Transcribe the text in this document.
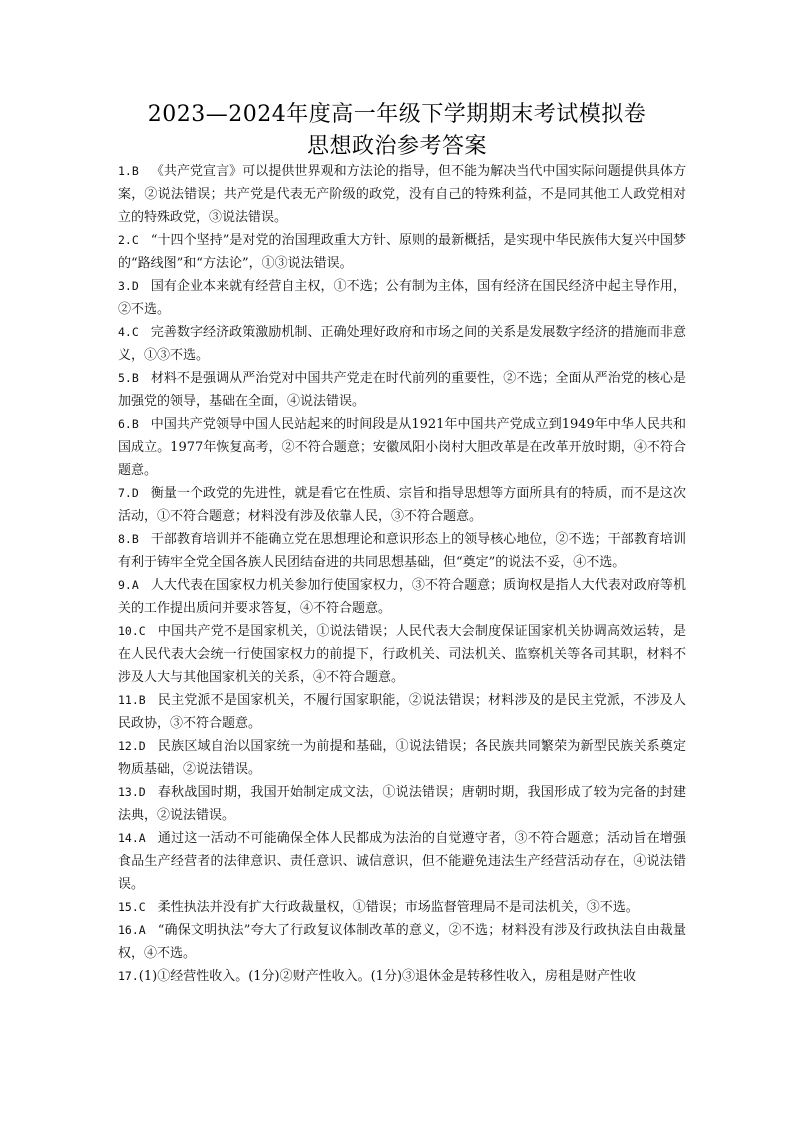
2023—2024年度高一年级下学期期末考试模拟卷
思想政治参考答案

1.B 《共产党宣言》可以提供世界观和方法论的指导，但不能为解决当代中国实际问题提供具体方案，②说法错误；共产党是代表无产阶级的政党，没有自己的特殊利益，不是同其他工人政党相对立的特殊政党，③说法错误。

2.C “十四个坚持”是对党的治国理政重大方针、原则的最新概括，是实现中华民族伟大复兴中国梦的“路线图”和“方法论”，①③说法错误。

3.D 国有企业本来就有经营自主权，①不选；公有制为主体，国有经济在国民经济中起主导作用，②不选。

4.C 完善数字经济政策激励机制、正确处理好政府和市场之间的关系是发展数字经济的措施而非意义，①③不选。

5.B 材料不是强调从严治党对中国共产党走在时代前列的重要性，②不选；全面从严治党的核心是加强党的领导，基础在全面，④说法错误。

6.B 中国共产党领导中国人民站起来的时间段是从1921年中国共产党成立到1949年中华人民共和国成立。1977年恢复高考，②不符合题意；安徽凤阳小岗村大胆改革是在改革开放时期，④不符合题意。

7.D 衡量一个政党的先进性，就是看它在性质、宗旨和指导思想等方面所具有的特质，而不是这次活动，①不符合题意；材料没有涉及依靠人民，③不符合题意。

8.B 干部教育培训并不能确立党在思想理论和意识形态上的领导核心地位，②不选；干部教育培训有利于铸牢全党全国各族人民团结奋进的共同思想基础，但“奠定”的说法不妥，④不选。

9.A 人大代表在国家权力机关参加行使国家权力，③不符合题意；质询权是指人大代表对政府等机关的工作提出质问并要求答复，④不符合题意。

10.C 中国共产党不是国家机关，①说法错误；人民代表大会制度保证国家机关协调高效运转，是在人民代表大会统一行使国家权力的前提下，行政机关、司法机关、监察机关等各司其职，材料不涉及人大与其他国家机关的关系，④不符合题意。

11.B 民主党派不是国家机关，不履行国家职能，②说法错误；材料涉及的是民主党派，不涉及人民政协，③不符合题意。

12.D 民族区域自治以国家统一为前提和基础，①说法错误；各民族共同繁荣为新型民族关系奠定物质基础，②说法错误。

13.D 春秋战国时期，我国开始制定成文法，①说法错误；唐朝时期，我国形成了较为完备的封建法典，②说法错误。

14.A 通过这一活动不可能确保全体人民都成为法治的自觉遵守者，③不符合题意；活动旨在增强食品生产经营者的法律意识、责任意识、诚信意识，但不能避免违法生产经营活动存在，④说法错误。

15.C 柔性执法并没有扩大行政裁量权，①错误；市场监督管理局不是司法机关，③不选。

16.A “确保文明执法”夸大了行政复议体制改革的意义，②不选；材料没有涉及行政执法自由裁量权，④不选。

17.(1)①经营性收入。(1分)②财产性收入。(1分)③退休金是转移性收入，房租是财产性收
